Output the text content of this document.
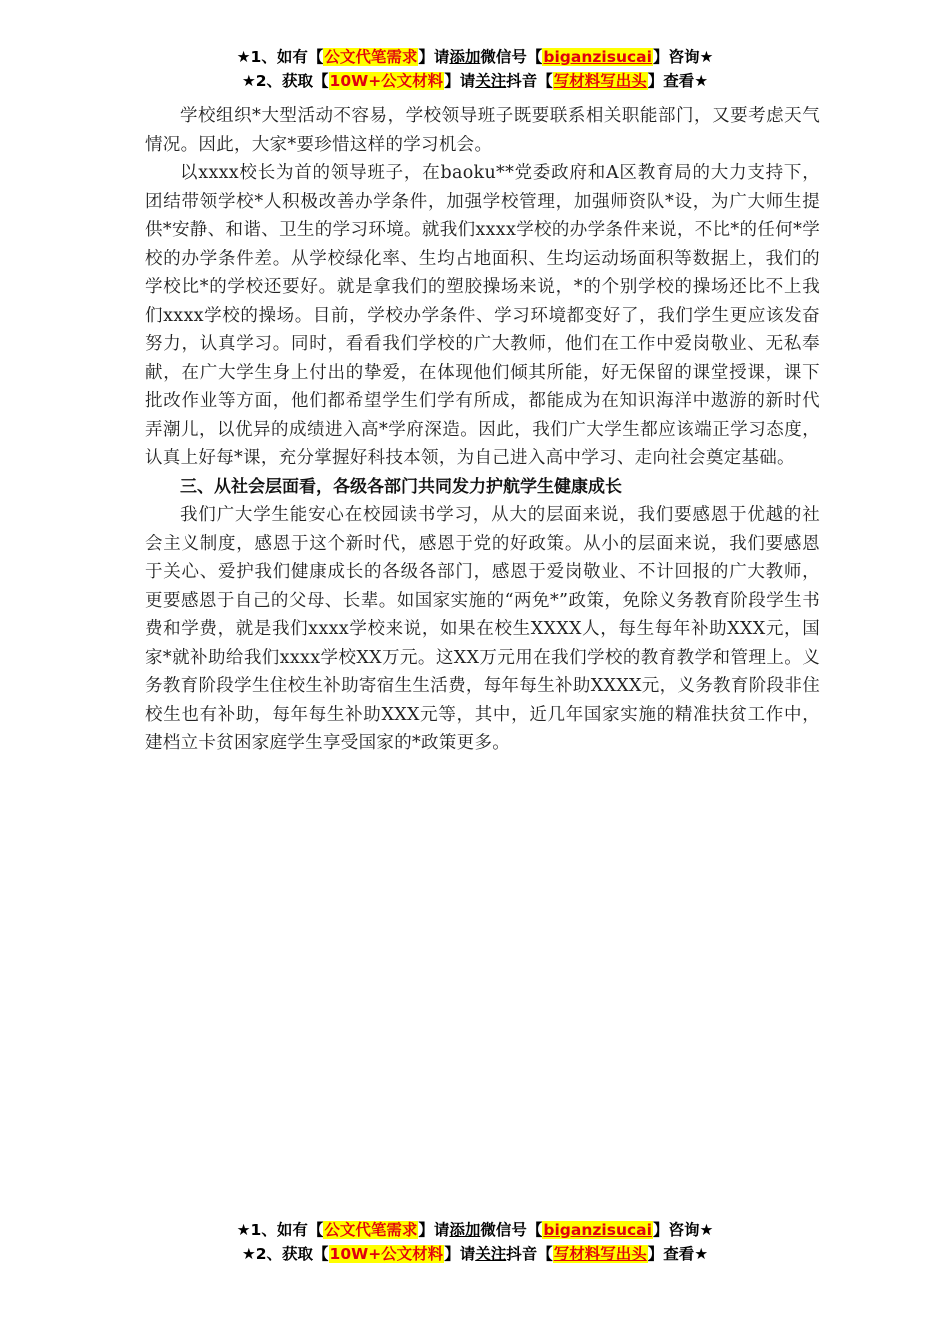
★1、如有【公文代笔需求】请添加微信号【biganzisucai】咨询★
★2、获取【10W+公文材料】请关注抖音【写材料写出头】查看★

学校组织*大型活动不容易，学校领导班子既要联系相关职能部门，又要考虑天气情况。因此，大家*要珍惜这样的学习机会。

以xxxx校长为首的领导班子，在baoku**党委政府和A区教育局的大力支持下，团结带领学校*人积极改善办学条件，加强学校管理，加强师资队*设，为广大师生提供*安静、和谐、卫生的学习环境。就我们xxxx学校的办学条件来说，不比*的任何*学校的办学条件差。从学校绿化率、生均占地面积、生均运动场面积等数据上，我们的学校比*的学校还要好。就是拿我们的塑胶操场来说，*的个别学校的操场还比不上我们xxxx学校的操场。目前，学校办学条件、学习环境都变好了，我们学生更应该发奋努力，认真学习。同时，看看我们学校的广大教师，他们在工作中爱岗敬业、无私奉献，在广大学生身上付出的挚爱，在体现他们倾其所能，好无保留的课堂授课，课下批改作业等方面，他们都希望学生们学有所成，都能成为在知识海洋中遨游的新时代弄潮儿，以优异的成绩进入高*学府深造。因此，我们广大学生都应该端正学习态度，认真上好每*课，充分掌握好科技本领，为自己进入高中学习、走向社会奠定基础。

三、从社会层面看，各级各部门共同发力护航学生健康成长

我们广大学生能安心在校园读书学习，从大的层面来说，我们要感恩于优越的社会主义制度，感恩于这个新时代，感恩于党的好政策。从小的层面来说，我们要感恩于关心、爱护我们健康成长的各级各部门，感恩于爱岗敬业、不计回报的广大教师，更要感恩于自己的父母、长辈。如国家实施的“两免*”政策，免除义务教育阶段学生书费和学费，就是我们xxxx学校来说，如果在校生XXXX人，每生每年补助XXX元，国家*就补助给我们xxxx学校XX万元。这XX万元用在我们学校的教育教学和管理上。义务教育阶段学生住校生补助寄宿生生活费，每年每生补助XXXX元，义务教育阶段非住校生也有补助，每年每生补助XXX元等，其中，近几年国家实施的精准扶贫工作中，建档立卡贫困家庭学生享受国家的*政策更多。

★1、如有【公文代笔需求】请添加微信号【biganzisucai】咨询★
★2、获取【10W+公文材料】请关注抖音【写材料写出头】查看★
